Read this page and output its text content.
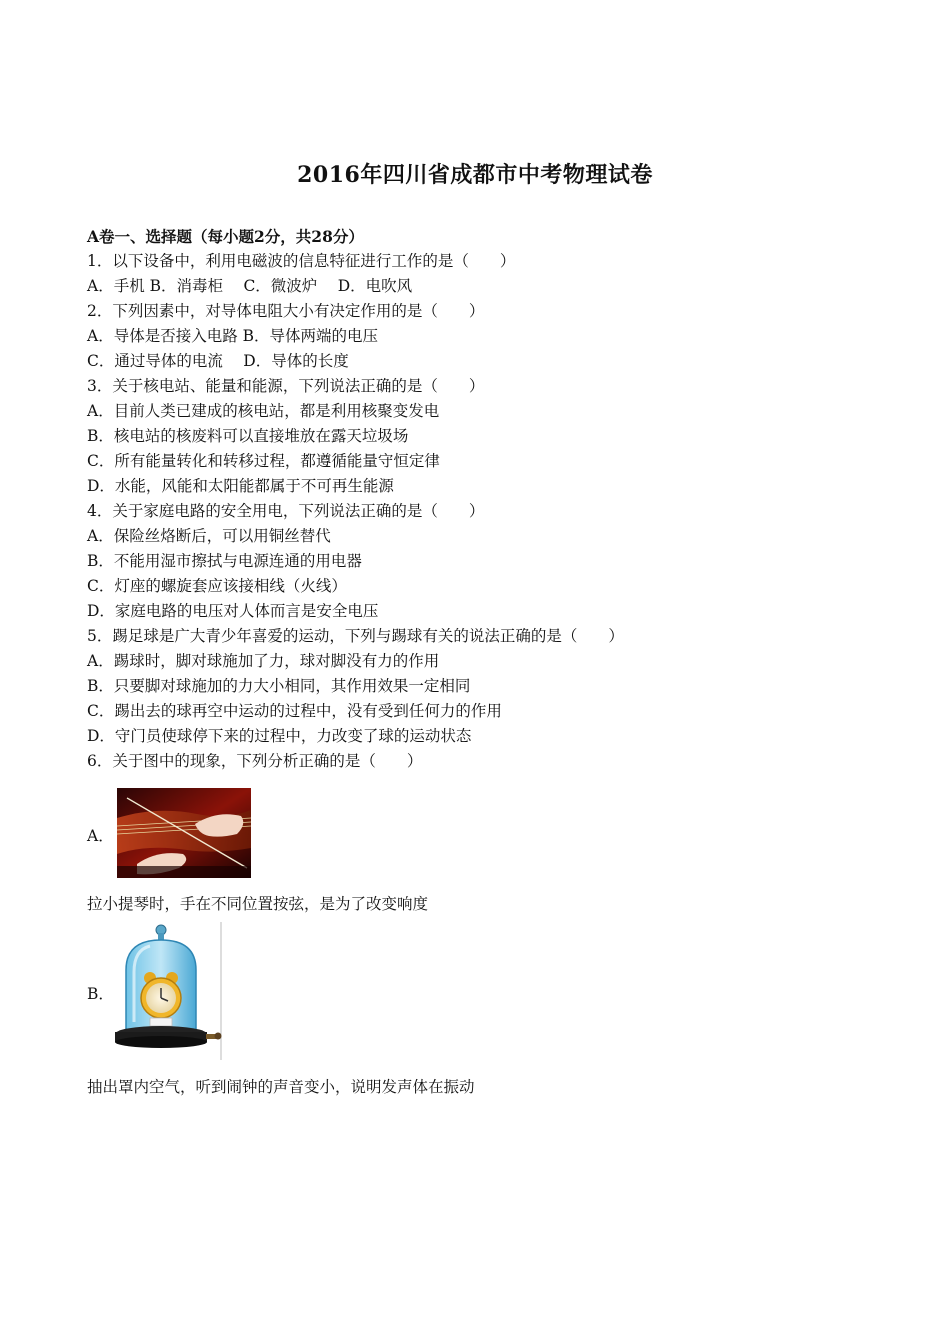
2016年四川省成都市中考物理试卷
A卷一、选择题（每小题2分，共28分）
1．以下设备中，利用电磁波的信息特征进行工作的是（　　）
A．手机 B．消毒柜　 C．微波炉　 D．电吹风
2．下列因素中，对导体电阻大小有决定作用的是（　　）
A．导体是否接入电路 B．导体两端的电压
C．通过导体的电流　 D．导体的长度
3．关于核电站、能量和能源，下列说法正确的是（　　）
A．目前人类已建成的核电站，都是利用核聚变发电
B．核电站的核废料可以直接堆放在露天垃圾场
C．所有能量转化和转移过程，都遵循能量守恒定律
D．水能，风能和太阳能都属于不可再生能源
4．关于家庭电路的安全用电，下列说法正确的是（　　）
A．保险丝烙断后，可以用铜丝替代
B．不能用湿市擦拭与电源连通的用电器
C．灯座的螺旋套应该接相线（火线）
D．家庭电路的电压对人体而言是安全电压
5．踢足球是广大青少年喜爱的运动，下列与踢球有关的说法正确的是（　　）
A．踢球时，脚对球施加了力，球对脚没有力的作用
B．只要脚对球施加的力大小相同，其作用效果一定相同
C．踢出去的球再空中运动的过程中，没有受到任何力的作用
D．守门员使球停下来的过程中，力改变了球的运动状态
6．关于图中的现象，下列分析正确的是（　　）
A．
拉小提琴时，手在不同位置按弦，是为了改变响度
B．
抽出罩内空气，听到闹钟的声音变小，说明发声体在振动
